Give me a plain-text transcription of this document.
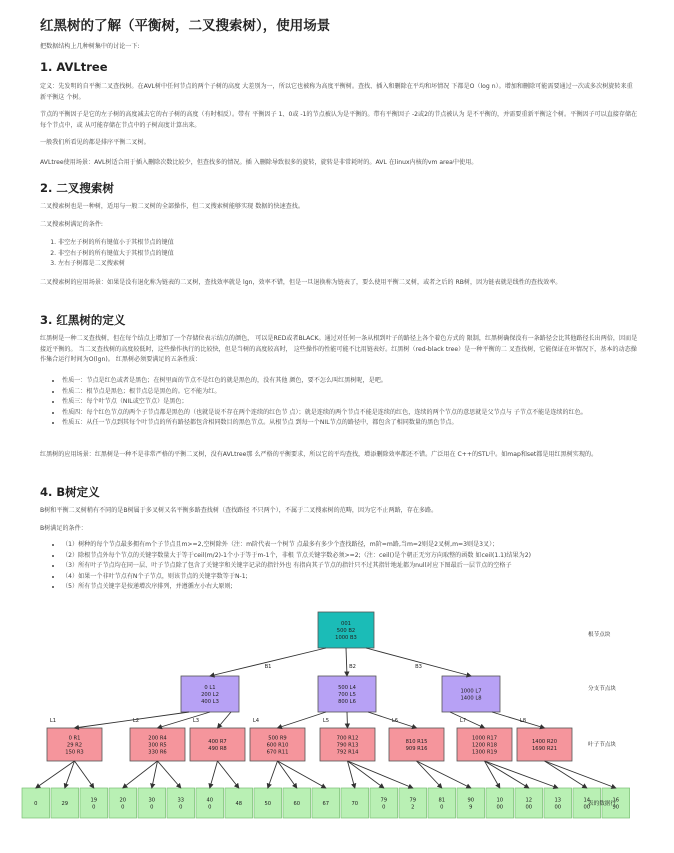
红黑树的了解（平衡树，二叉搜索树），使用场景
把数据结构上几种树集中的讨论一下:
1. AVLtree
定义：先发明的自平衡二叉查找树。在AVL树中任何节点的两个子树的高度 大差别为一，所以它也被称为高度平衡树。查找、插入和删除在平均和坏情况 下都是O（log n）。增加和删除可能需要通过一次或多次树旋转来重新平衡这 个树。
节点的平衡因子是它的左子树的高度减去它的右子树的高度（有时相反）。带有 平衡因子 1、0或 -1的节点被认为是平衡的。带有平衡因子 -2或2的节点被认为 是不平衡的，并需要重新平衡这个树。平衡因子可以直接存储在每个节点中，或 从可能存储在节点中的子树高度计算出来。
一般我们所看见的都是排序平衡二叉树。
AVLtree使用场景：AVL树适合用于插入删除次数比较少，但查找多的情况。插 入删除导致很多的旋转，旋转是非常耗时的。AVL 在linux内核的vm area中使用。
2. 二叉搜索树
二叉搜索树也是一种树，适用与一般二叉树的全部操作，但二叉搜索树能够实现 数据的快速查找。
二叉搜索树满足的条件:
1. 非空左子树的所有键值小于其根节点的键值
2. 非空右子树的所有键值大于其根节点的键值
3. 左右子树都是二叉搜索树
二叉搜索树的应用场景：如果是没有退化称为链表的二叉树，查找效率就是 lgn，效率不错，但是一旦退换称为链表了，要么使用平衡二叉树，或者之后的 RB树，因为链表就是线性的查找效率。
3. 红黑树的定义
红黑树是一种二叉查找树，但在每个结点上增加了一个存储位表示结点的颜色， 可以是RED或者BLACK。通过对任何一条从根到叶子的路径上各个着色方式的 限制，红黑树确保没有一条路径会比其他路径长出两倍，因而是接近平衡的。 当二叉查找树的高度较低时，这些操作执行的比较快，但是当树的高度较高时， 这些操作的性能可能不比用链表好。红黑树（red-black tree）是一种平衡的二 叉查找树，它能保证在坏情况下，基本的动态操作集合运行时间为O(lgn)。 红黑树必须要满足的五条性质：
• 性质一：节点是红色或者是黑色；在树里面的节点不是红色的就是黑色的，没有其他 颜色，要不怎么叫红黑树呢，是吧。
• 性质二：根节点是黑色；根节点总是黑色的。它不能为红。
• 性质三：每个叶节点（NIL或空节点）是黑色；
• 性质四：每个红色节点的两个子节点都是黑色的（也就是说不存在两个连续的红色节 点）；就是连续的两个节点不能是连续的红色，连续的两个节点的意思就是父节点与 子节点不能是连续的红色。
• 性质五：从任一节点到其每个叶节点的所有路径都包含相同数目的黑色节点。从根节点 到每一个NIL节点的路径中，都包含了相同数量的黑色节点。
红黑树的应用场景：红黑树是一种不是非常严格的平衡二叉树，没有AVLtree那 么严格的平衡要求，所以它的平均查找，增添删除效率都还不错。广泛用在 C++的STL中。如map和set都是用红黑树实现的。
4. B树定义
B树和平衡二叉树稍有不同的是B树属于多叉树又名平衡多路查找树（查找路径 不只两个），不属于二叉搜索树的范畴，因为它不止两路，存在多路。
B树满足的条件：
• （1）树种的每个节点最多拥有m个子节点且m>=2,空树除外（注：m阶代表一个树节 点最多有多少个查找路径，m阶=m路,当m=2则是2叉树,m=3则是3叉）；
• （2）除根节点外每个节点的关键字数量大于等于ceil(m/2)-1个小于等于m-1个，非根 节点关键字数必须>=2;（注：ceil()是个朝正无穷方向取整的函数 如ceil(1.1)结果为2)
• （3）所有叶子节点均在同一层、叶子节点除了包含了关键字和关键字记录的指针外也 有指向其子节点的指针只不过其指针地址都为null对应下图最后一层节点的空格子
• （4）如果一个非叶节点有N个子节点，则该节点的关键字数等于N-1;
• （5）所有节点关键字是按递增次序排列，并遵循左小右大原则;
001
500 B2
1000 B3
0 L1
200 L2
400 L3
B1
500 L4
700 L5
800 L6
B2
1000 L7
1400 L8
B3
0 R1
29 R2
150 R3
L1
200 R4
300 R5
330 R6
L2
400 R7
490 R8
L3
500 R9
600 R10
670 R11
L4
700 R12
790 R13
792 R14
L5
810 R15
909 R16
L6
1000 R17
1200 R18
1300 R19
L7
1400 R20
1690 R21
L8
0	29
19
0
20
0
30
0
33
0
40
0
48	50	60	67	70
79
0
79
2
81
0
90
9
10
00
12
00
13
00
14
00
16
90
根节点块
分支节点块
叶子节点块
表的数据行
